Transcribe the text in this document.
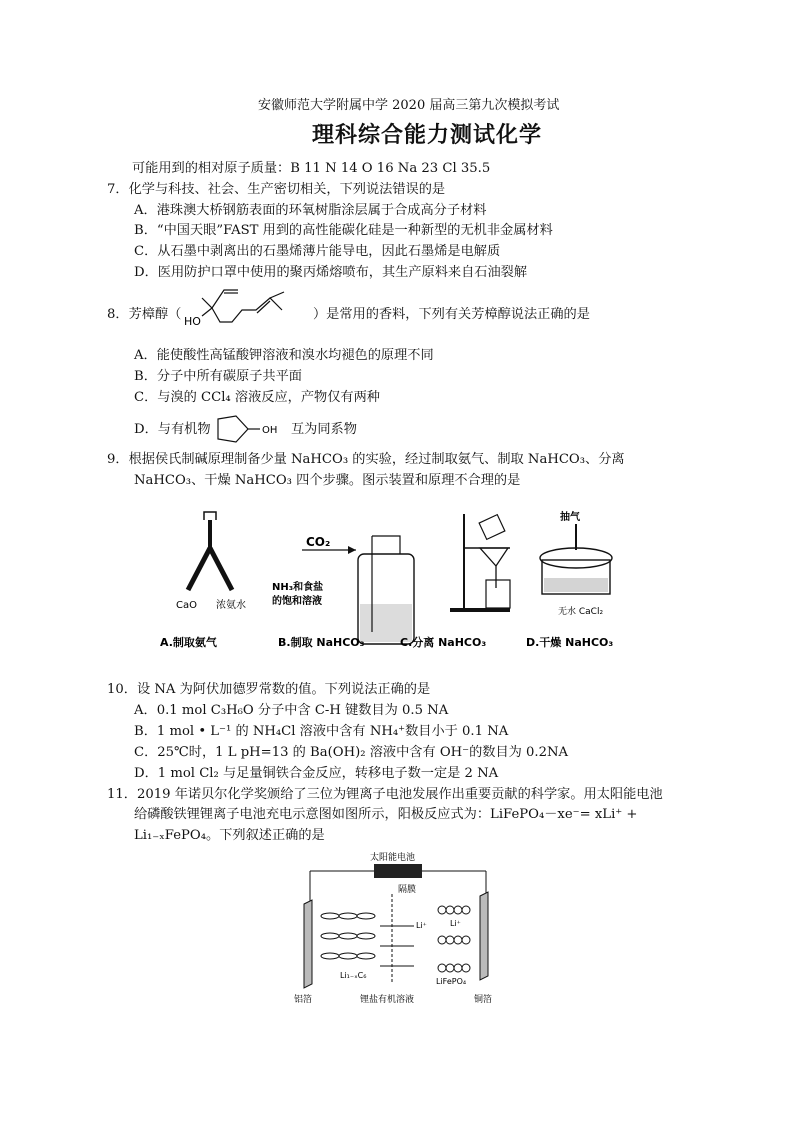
安徽师范大学附属中学 2020 届高三第九次模拟考试
理科综合能力测试化学
可能用到的相对原子质量：B 11 N 14 O 16 Na 23 Cl 35.5
7．化学与科技、社会、生产密切相关，下列说法错误的是
A．港珠澳大桥钢筋表面的环氧树脂涂层属于合成高分子材料
B．“中国天眼”FAST 用到的高性能碳化硅是一种新型的无机非金属材料
C．从石墨中剥离出的石墨烯薄片能导电，因此石墨烯是电解质
D．医用防护口罩中使用的聚丙烯熔喷布，其生产原料来自石油裂解
8．芳樟醇（ HO	）是常用的香料，下列有关芳樟醇说法正确的是
A．能使酸性高锰酸钾溶液和溴水均褪色的原理不同
B．分子中所有碳原子共平面
C．与溴的 CCl₄ 溶液反应，产物仅有两种
D．与有机物	OH 互为同系物
9．根据侯氏制碱原理制备少量 NaHCO₃ 的实验，经过制取氨气、制取 NaHCO₃、分离
NaHCO₃、干燥 NaHCO₃ 四个步骤。图示装置和原理不合理的是
CaO 浓氨水
CO₂
NH₃和食盐
的饱和溶液
抽气
无水 CaCl₂
A.制取氨气	B.制取 NaHCO₃	C.分离 NaHCO₃	D.干燥 NaHCO₃
10．设 NA 为阿伏加德罗常数的值。下列说法正确的是
A．0.1 mol C₃H₆O 分子中含 C-H 键数目为 0.5 NA
B．1 mol • L⁻¹ 的 NH₄Cl 溶液中含有 NH₄⁺数目小于 0.1 NA
C．25℃时，1 L pH=13 的 Ba(OH)₂ 溶液中含有 OH⁻的数目为 0.2NA
D．1 mol Cl₂ 与足量铜铁合金反应，转移电子数一定是 2 NA
11．2019 年诺贝尔化学奖颁给了三位为锂离子电池发展作出重要贡献的科学家。用太阳能电池
给磷酸铁锂锂离子电池充电示意图如图所示，阳极反应式为：LiFePO₄－xe⁻= xLi⁺ +
Li₁₋ₓFePO₄。下列叙述正确的是
太阳能电池
隔膜
Li⁺	Li⁺
Li₁₋ₓC₆
LiFePO₄
铝箔	锂盐有机溶液	铜箔
